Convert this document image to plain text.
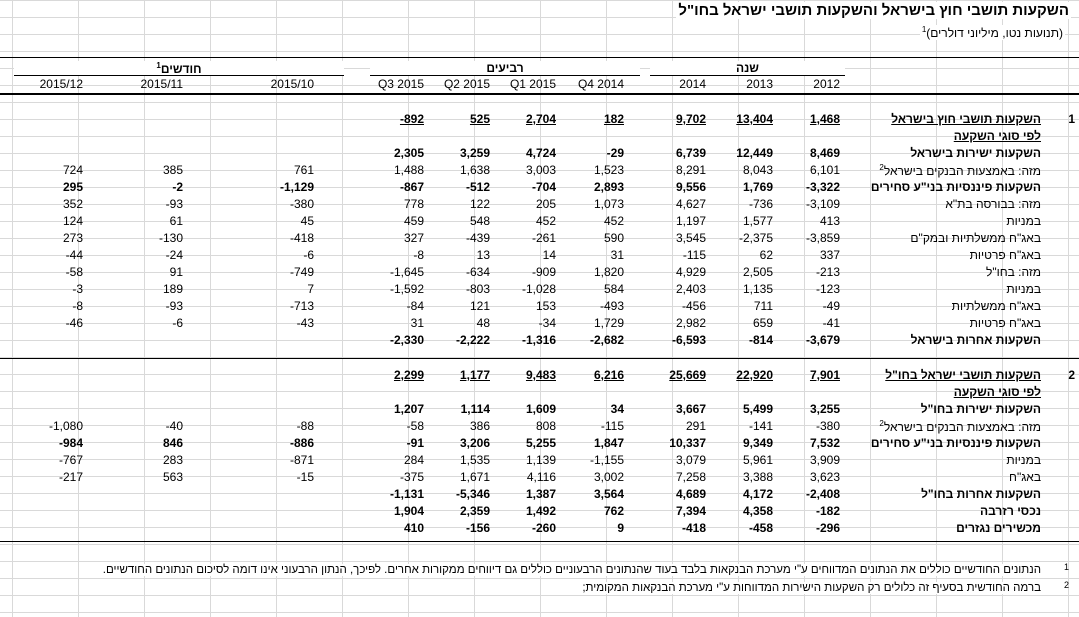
השקעות תושבי חוץ בישראל והשקעות תושבי ישראל בחו"ל
(תנועות נטו, מיליוני דולרים)$^1$
שנה
רביעים
חודשים$^1$
2012
2013
2014
Q4 2014
Q1 2015
Q2 2015
Q3 2015
2015/10
2015/11
2015/12
1
השקעות תושבי חוץ בישראל
1,468
13,404
9,702
182
2,704
525
-892
לפי סוגי השקעה
השקעות ישירות בישראל
8,469
12,449
6,739
-29
4,724
3,259
2,305
מזה: באמצעות הבנקים בישראל$^2$
6,101
8,043
8,291
1,523
3,003
1,638
1,488
761
385
724
השקעות פיננסיות בני"ע סחירים
-3,322
1,769
9,556
2,893
-704
-512
-867
-1,129
-2
295
מזה: בבורסה בת"א
-3,109
-736
4,627
1,073
205
122
778
-380
-93
352
במניות
413
1,577
1,197
452
452
548
459
45
61
124
באג"ח ממשלתיות ובמק"ם
-3,859
-2,375
3,545
590
-261
-439
327
-418
-130
273
באג"ח פרטיות
337
62
-115
31
14
13
-8
-6
-24
-44
מזה: בחו"ל
-213
2,505
4,929
1,820
-909
-634
-1,645
-749
91
-58
במניות
-123
1,135
2,403
584
-1,028
-803
-1,592
7
189
-3
באג"ח ממשלתיות
-49
711
-456
-493
153
121
-84
-713
-93
-8
באג"ח פרטיות
-41
659
2,982
1,729
-34
48
31
-43
-6
-46
השקעות אחרות בישראל
-3,679
-814
-6,593
-2,682
-1,316
-2,222
-2,330
2
השקעות תושבי ישראל בחו"ל
7,901
22,920
25,669
6,216
9,483
1,177
2,299
לפי סוגי השקעה
השקעות ישירות בחו"ל
3,255
5,499
3,667
34
1,609
1,114
1,207
מזה: באמצעות הבנקים בישראל$^2$
-380
-141
291
-115
808
386
-58
-88
-40
-1,080
השקעות פיננסיות בני"ע סחירים
7,532
9,349
10,337
1,847
5,255
3,206
-91
-886
846
-984
במניות
3,909
5,961
3,079
-1,155
1,139
1,535
284
-871
283
-767
באג"ח
3,623
3,388
7,258
3,002
4,116
1,671
-375
-15
563
-217
השקעות אחרות בחו"ל
-2,408
4,172
4,689
3,564
1,387
-5,346
-1,131
נכסי רזרבה
-182
4,358
7,394
762
1,492
2,359
1,904
מכשירים נגזרים
-296
-458
-418
9
-260
-156
410
1
הנתונים החודשיים כוללים את הנתונים המדווחים ע"י מערכת הבנקאות בלבד בעוד שהנתונים הרבעוניים כוללים גם דיווחים ממקורות אחרים. לפיכך, הנתון הרבעוני אינו דומה לסיכום הנתונים החודשיים.
2
ברמה החודשית בסעיף זה כלולים רק השקעות הישירות המדווחות ע"י מערכת הבנקאות המקומית;
